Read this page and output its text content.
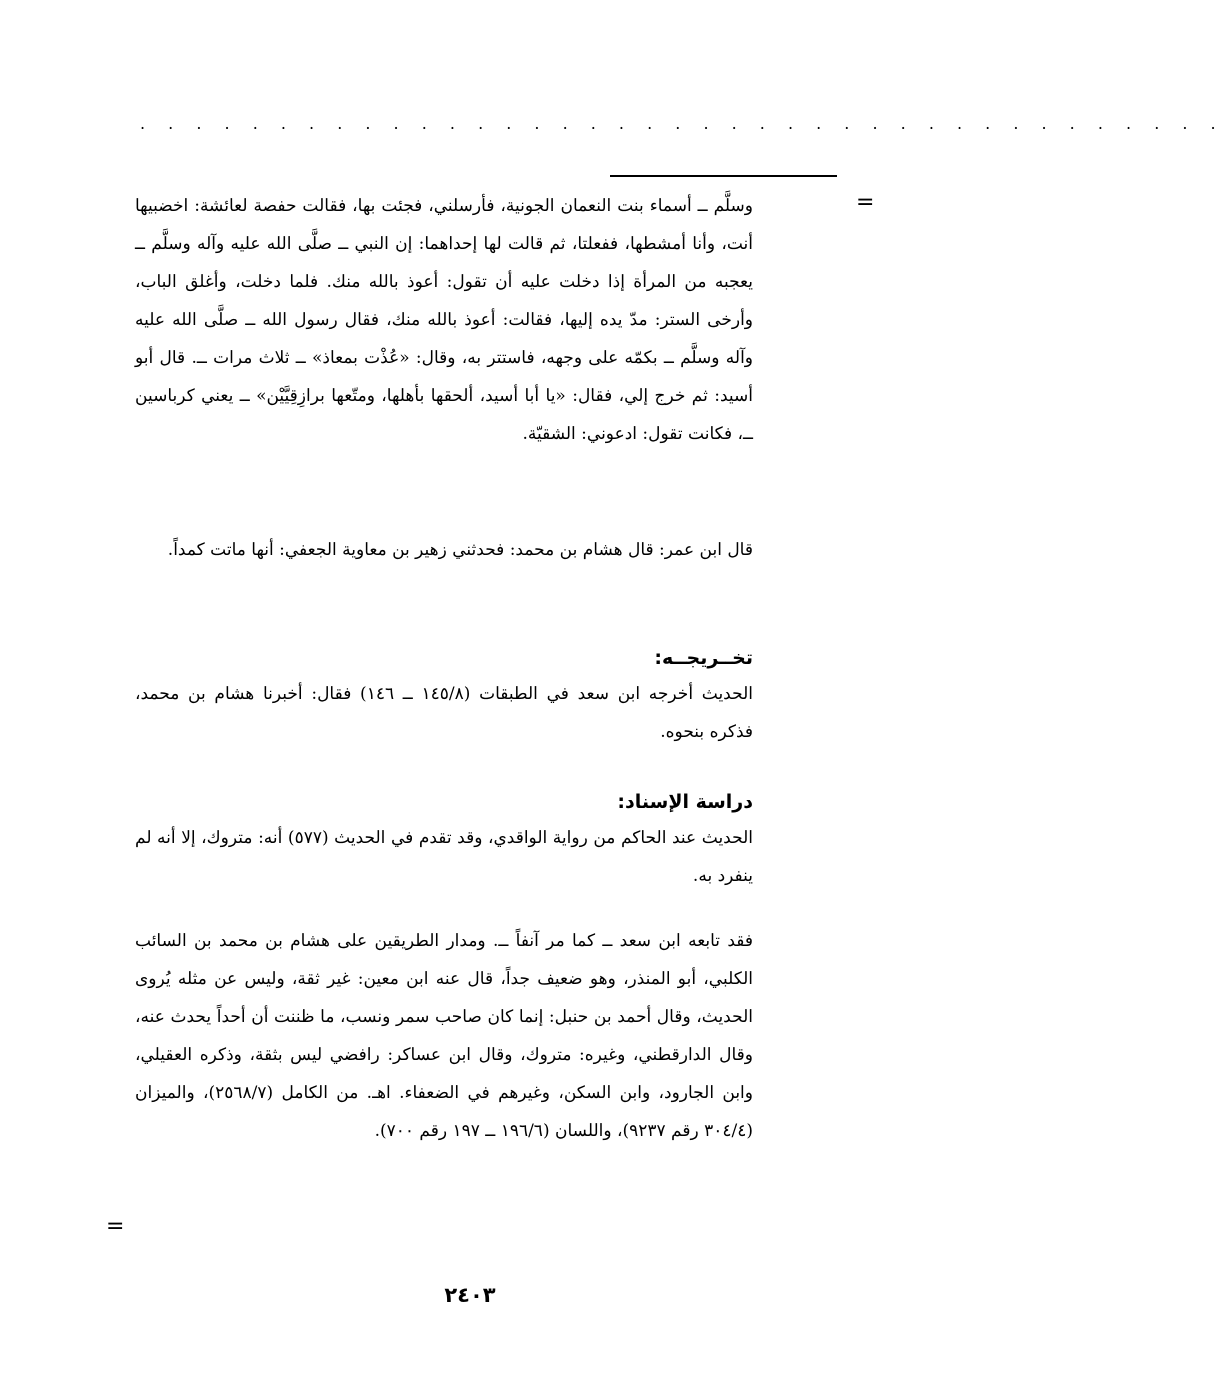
. . . . . . . . . . . . . . . . . . . . . . . . . . . . . . . . . . . . . . .
=

وسلَّم ــ أسماء بنت النعمان الجونية، فأرسلني، فجئت بها، فقالت حفصة لعائشة: اخضبيها أنت، وأنا أمشطها، ففعلتا، ثم قالت لها إحداهما: إن النبي ــ صلَّى الله عليه وآله وسلَّم ــ يعجبه من المرأة إذا دخلت عليه أن تقول: أعوذ بالله منك. فلما دخلت، وأغلق الباب، وأرخى الستر: مدّ يده إليها، فقالت: أعوذ بالله منك، فقال رسول الله ــ صلَّى الله عليه وآله وسلَّم ــ بكمّه على وجهه، فاستتر به، وقال: «عُذْت بمعاذ» ــ ثلاث مرات ــ. قال أبو أسيد: ثم خرج إلي، فقال: «يا أبا أسيد، ألحقها بأهلها، ومتّعها برازِقِيَّيْن» ــ يعني كرباسين ــ، فكانت تقول: ادعوني: الشقيّة.

قال ابن عمر: قال هشام بن محمد: فحدثني زهير بن معاوية الجعفي: أنها ماتت كمداً.

تخــريجــه:

الحديث أخرجه ابن سعد في الطبقات (١٤٥/٨ ــ ١٤٦) فقال: أخبرنا هشام بن محمد، فذكره بنحوه.

دراسة الإسناد:

الحديث عند الحاكم من رواية الواقدي، وقد تقدم في الحديث (٥٧٧) أنه: متروك، إلا أنه لم ينفرد به.

فقد تابعه ابن سعد ــ كما مر آنفاً ــ. ومدار الطريقين على هشام بن محمد بن السائب الكلبي، أبو المنذر، وهو ضعيف جداً، قال عنه ابن معين: غير ثقة، وليس عن مثله يُروى الحديث، وقال أحمد بن حنبل: إنما كان صاحب سمر ونسب، ما ظننت أن أحداً يحدث عنه، وقال الدارقطني، وغيره: متروك، وقال ابن عساكر: رافضي ليس بثقة، وذكره العقيلي، وابن الجارود، وابن السكن، وغيرهم في الضعفاء. اهـ. من الكامل (٢٥٦٨/٧)، والميزان (٣٠٤/٤ رقم ٩٢٣٧)، واللسان (١٩٦/٦ ــ ١٩٧ رقم ٧٠٠).

=
٢٤٠٣
